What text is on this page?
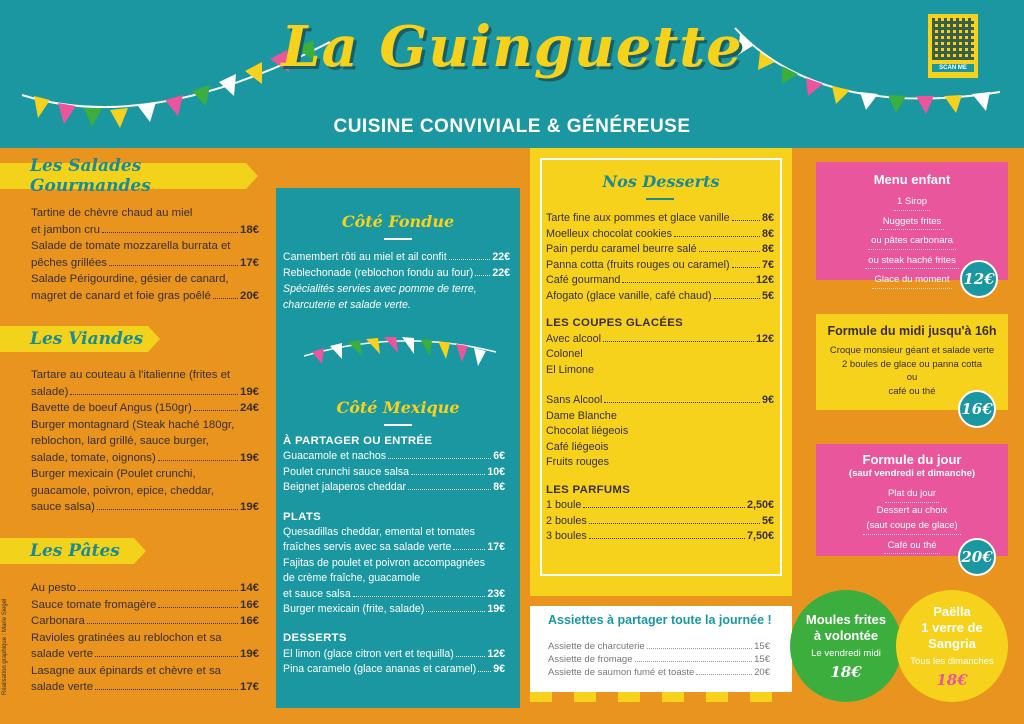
La Guinguette
CUISINE CONVIVIALE & GÉNÉREUSE
SCAN ME
Les Salades Gourmandes
Tartine de chèvre chaud au miel
et jambon cru	18€
Salade de tomate mozzarella burrata et
pêches grillées	17€
Salade Périgourdine, gésier de canard,
magret de canard et foie gras poêlé	20€
Les Viandes
Tartare au couteau à l'italienne (frites et
salade)	19€
Bavette de boeuf Angus (150gr)	24€
Burger montagnard (Steak haché 180gr,
reblochon, lard grillé, sauce burger,
salade, tomate, oignons)	19€
Burger mexicain (Poulet crunchi,
guacamole, poivron, epice, cheddar,
sauce salsa)	19€
Les Pâtes
Au pesto	14€
Sauce tomate fromagère	16€
Carbonara	16€
Ravioles gratinées au reblochon et sa
salade verte	19€
Lasagne aux épinards et chèvre et sa
salade verte	17€
Réalisation graphique : Marie Siegel
Côté Fondue
Camembert rôti au miel et ail confit	22€
Reblechonade (reblochon fondu au four) 22€
Spécialités servies avec pomme de terre,
charcuterie et salade verte.
Côté Mexique
À PARTAGER OU ENTRÉE
Guacamole et nachos	6€
Poulet crunchi sauce salsa	10€
Beignet jalaperos cheddar	8€
PLATS
Quesadillas cheddar, emental et tomates
fraîches servis avec sa salade verte	17€
Fajitas de poulet et poivron accompagnées
de crème fraîche, guacamole
et sauce salsa	23€
Burger mexicain (frite, salade)	19€
DESSERTS
El limon (glace citron vert et tequilla)	12€
Pina caramelo (glace ananas et caramel) 9€
Nos Desserts
Tarte fine aux pommes et glace vanille	8€
Moelleux chocolat cookies	8€
Pain perdu caramel beurre salé	8€
Panna cotta (fruits rouges ou caramel)	7€
Café gourmand	12€
Afogato (glace vanille, café chaud)	5€
LES COUPES GLACÉES
Avec alcool	12€
Colonel
El Limone
Sans Alcool	9€
Dame Blanche
Chocolat liégeois
Café liégeois
Fruits rouges
LES PARFUMS
1 boule	2,50€
2 boules	5€
3 boules	7,50€
Menu enfant
1 Sirop
Nuggets frites
ou pâtes carbonara
ou steak haché frites
Glace du moment 12€
Formule du midi jusqu'à 16h
Croque monsieur géant et salade verte
2 boules de glace ou panna cotta
ou
café ou thé
16€
Formule du jour
(sauf vendredi et dimanche)
Plat du jour
Dessert au choix
(saut coupe de glace)
Café ou thé
20€
Assiettes à partager toute la journée !
Assiette de charcuterie	15€
Assiette de fromage	15€
Assiette de saumon fumé et toaste	20€
Moules frites
à volontée
Le vendredi midi
18€
Paëlla
1 verre de Sangria
Tous les dimanches
18€
